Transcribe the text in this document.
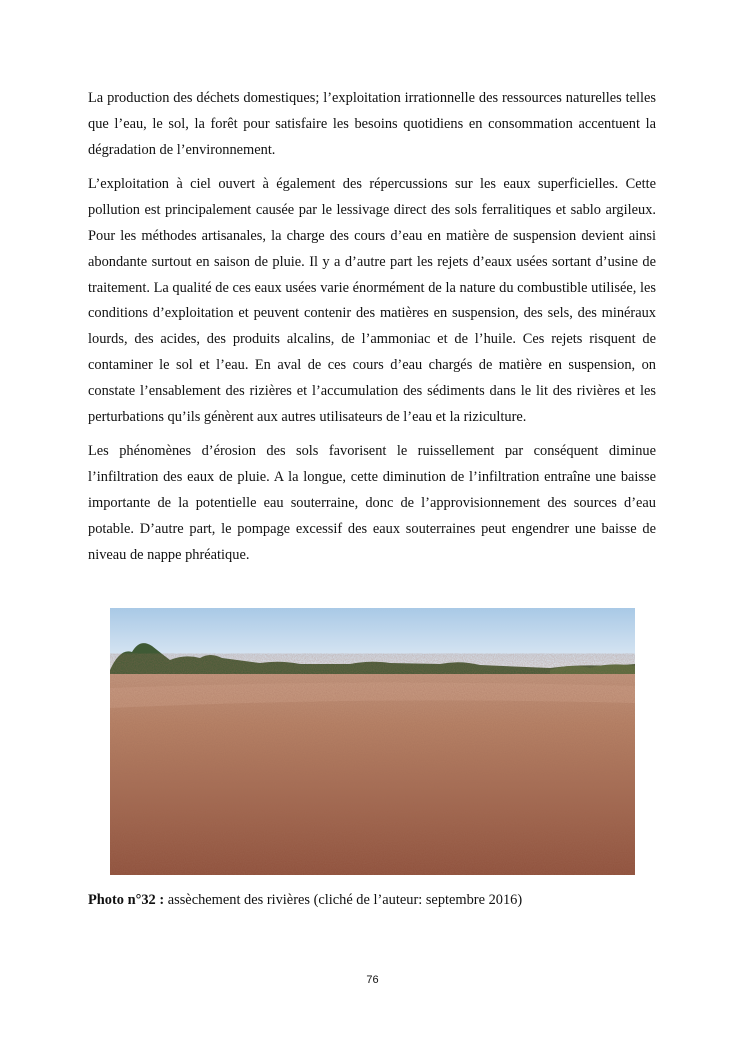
La production des déchets domestiques; l’exploitation irrationnelle des ressources naturelles telles que l’eau, le sol, la forêt pour satisfaire les besoins quotidiens en consommation accentuent la dégradation de l’environnement.

L’exploitation à ciel ouvert à également des répercussions sur les eaux superficielles. Cette pollution est principalement causée par le lessivage direct des sols ferralitiques et sablo argileux. Pour les méthodes artisanales, la charge des cours d’eau en matière de suspension devient ainsi abondante surtout en saison de pluie. Il y a d’autre part les rejets d’eaux usées sortant d’usine de traitement. La qualité de ces eaux usées varie énormément de la nature du combustible utilisée, les conditions d’exploitation et peuvent contenir des matières en suspension, des sels, des minéraux lourds, des acides, des produits alcalins, de l’ammoniac et de l’huile. Ces rejets risquent de contaminer le sol et l’eau. En aval de ces cours d’eau chargés de matière en suspension, on constate l’ensablement des rizières et l’accumulation des sédiments dans le lit des rivières et les perturbations qu’ils génèrent aux autres utilisateurs de l’eau et la riziculture.

Les phénomènes d’érosion des sols favorisent le ruissellement par conséquent diminue l’infiltration des eaux de pluie. A la longue, cette diminution de l’infiltration entraîne une baisse importante de la potentielle eau souterraine, donc de l’approvisionnement des sources d’eau potable. D’autre part, le pompage excessif des eaux souterraines peut engendrer une baisse de niveau de nappe phréatique.

Photo n°32 : assèchement des rivières (cliché de l’auteur: septembre 2016)
76
